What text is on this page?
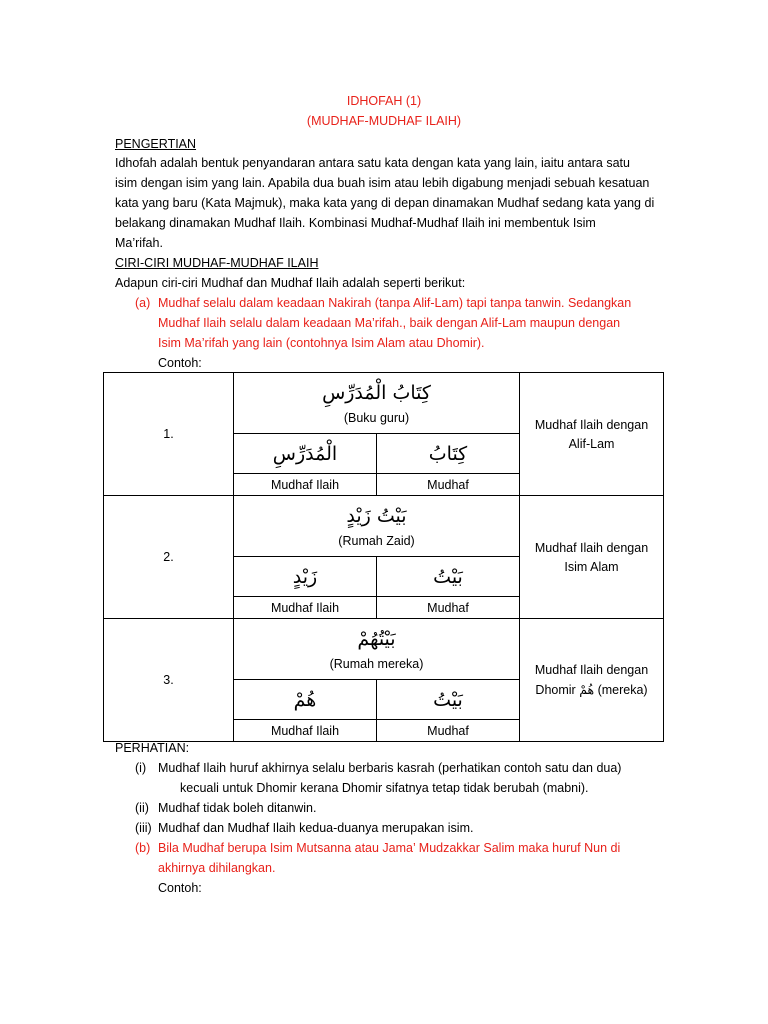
IDHOFAH (1)
(MUDHAF-MUDHAF ILAIH)
PENGERTIAN
Idhofah adalah bentuk penyandaran antara satu kata dengan kata yang lain, iaitu antara satu
isim dengan isim yang lain. Apabila dua buah isim atau lebih digabung menjadi sebuah kesatuan
kata yang baru (Kata Majmuk), maka kata yang di depan dinamakan Mudhaf sedang kata yang di
belakang dinamakan Mudhaf Ilaih. Kombinasi Mudhaf-Mudhaf Ilaih ini membentuk Isim
Ma’rifah.
CIRI-CIRI MUDHAF-MUDHAF ILAIH
Adapun ciri-ciri Mudhaf dan Mudhaf Ilaih adalah seperti berikut:
(a) Mudhaf selalu dalam keadaan Nakirah (tanpa Alif-Lam) tapi tanpa tanwin. Sedangkan
Mudhaf Ilaih selalu dalam keadaan Ma’rifah., baik dengan Alif-Lam maupun dengan
Isim Ma’rifah yang lain (contohnya Isim Alam atau Dhomir).
Contoh:
1.	كِتَابُ الْمُدَرِّسِ		Mudhaf Ilaih dengan
Alif-Lam

	(Buku guru)		
	الْمُدَرِّسِ	كِتَابُ	
	Mudhaf Ilaih	Mudhaf	
2.	بَيْتُ زَيْدٍ		Mudhaf Ilaih dengan
Isim Alam

	(Rumah Zaid)		
	زَيْدٍ	بَيْتُ	
	Mudhaf Ilaih	Mudhaf	
3.	بَيْتُهُمْ		Mudhaf Ilaih dengan
Dhomir هُمْ (mereka)

	(Rumah mereka)		
	هُمْ	بَيْتُ	
	Mudhaf Ilaih	Mudhaf	
PERHATIAN:
(i) Mudhaf Ilaih huruf akhirnya selalu berbaris kasrah (perhatikan contoh satu dan dua)
kecuali untuk Dhomir kerana Dhomir sifatnya tetap tidak berubah (mabni).
(ii) Mudhaf tidak boleh ditanwin.
(iii) Mudhaf dan Mudhaf Ilaih kedua-duanya merupakan isim.
(b) Bila Mudhaf berupa Isim Mutsanna atau Jama’ Mudzakkar Salim maka huruf Nun di
akhirnya dihilangkan.
Contoh:
